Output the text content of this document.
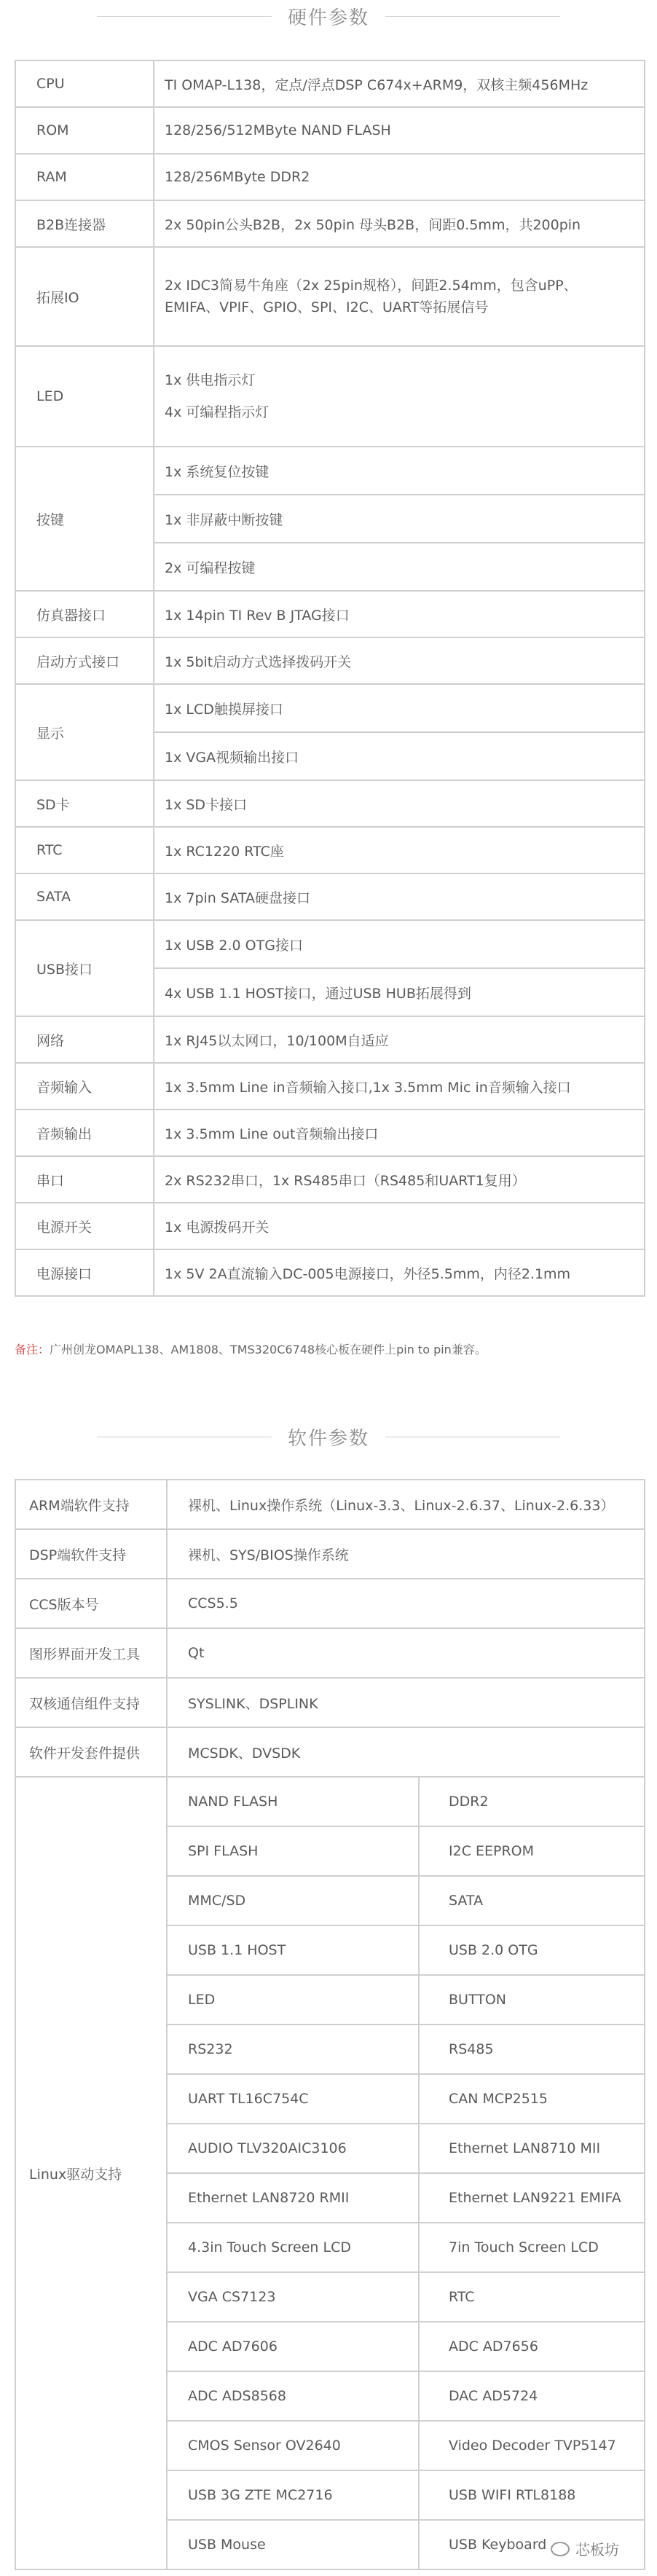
硬件参数
CPU	TI OMAP-L138，定点/浮点DSP C674x+ARM9，双核主频456MHz
ROM	128/256/512MByte NAND FLASH
RAM	128/256MByte DDR2
B2B连接器	2x 50pin公头B2B，2x 50pin 母头B2B，间距0.5mm，共200pin
拓展IO	2x IDC3简易牛角座（2x 25pin规格），间距2.54mm，包含uPP、EMIFA、VPIF、GPIO、SPI、I2C、UART等拓展信号
LED	1x 供电指示灯
4x 可编程指示灯

按键	1x 系统复位按键
1x 非屏蔽中断按键
2x 可编程按键

仿真器接口	1x 14pin TI Rev B JTAG接口
启动方式接口	1x 5bit启动方式选择拨码开关
显示	1x LCD触摸屏接口
1x VGA视频输出接口

SD卡	1x SD卡接口
RTC	1x RC1220 RTC座
SATA	1x 7pin SATA硬盘接口
USB接口	1x USB 2.0 OTG接口
4x USB 1.1 HOST接口，通过USB HUB拓展得到

网络	1x RJ45以太网口，10/100M自适应
音频输入	1x 3.5mm Line in音频输入接口,1x 3.5mm Mic in音频输入接口
音频输出	1x 3.5mm Line out音频输出接口
串口	2x RS232串口，1x RS485串口（RS485和UART1复用）
电源开关	1x 电源拨码开关
电源接口	1x 5V 2A直流输入DC-005电源接口，外径5.5mm，内径2.1mm
备注：广州创龙OMAPL138、AM1808、TMS320C6748核心板在硬件上pin to pin兼容。
软件参数
ARM端软件支持	裸机、Linux操作系统（Linux-3.3、Linux-2.6.37、Linux-2.6.33）	
DSP端软件支持	裸机、SYS/BIOS操作系统	
CCS版本号	CCS5.5	
图形界面开发工具	Qt	
双核通信组件支持	SYSLINK、DSPLINK	
软件开发套件提供	MCSDK、DVSDK	
Linux驱动支持	NAND FLASH	DDR2
	SPI FLASH	I2C EEPROM
	MMC/SD	SATA
	USB 1.1 HOST	USB 2.0 OTG
	LED	BUTTON
	RS232	RS485
	UART TL16C754C	CAN MCP2515
	AUDIO TLV320AIC3106	Ethernet LAN8710 MII
	Ethernet LAN8720 RMII	Ethernet LAN9221 EMIFA
	4.3in Touch Screen LCD	7in Touch Screen LCD
	VGA CS7123	RTC
	ADC AD7606	ADC AD7656
	ADC ADS8568	DAC AD5724
	CMOS Sensor OV2640	Video Decoder TVP5147
	USB 3G ZTE MC2716	USB WIFI RTL8188
	USB Mouse	USB Keyboard 芯板坊
